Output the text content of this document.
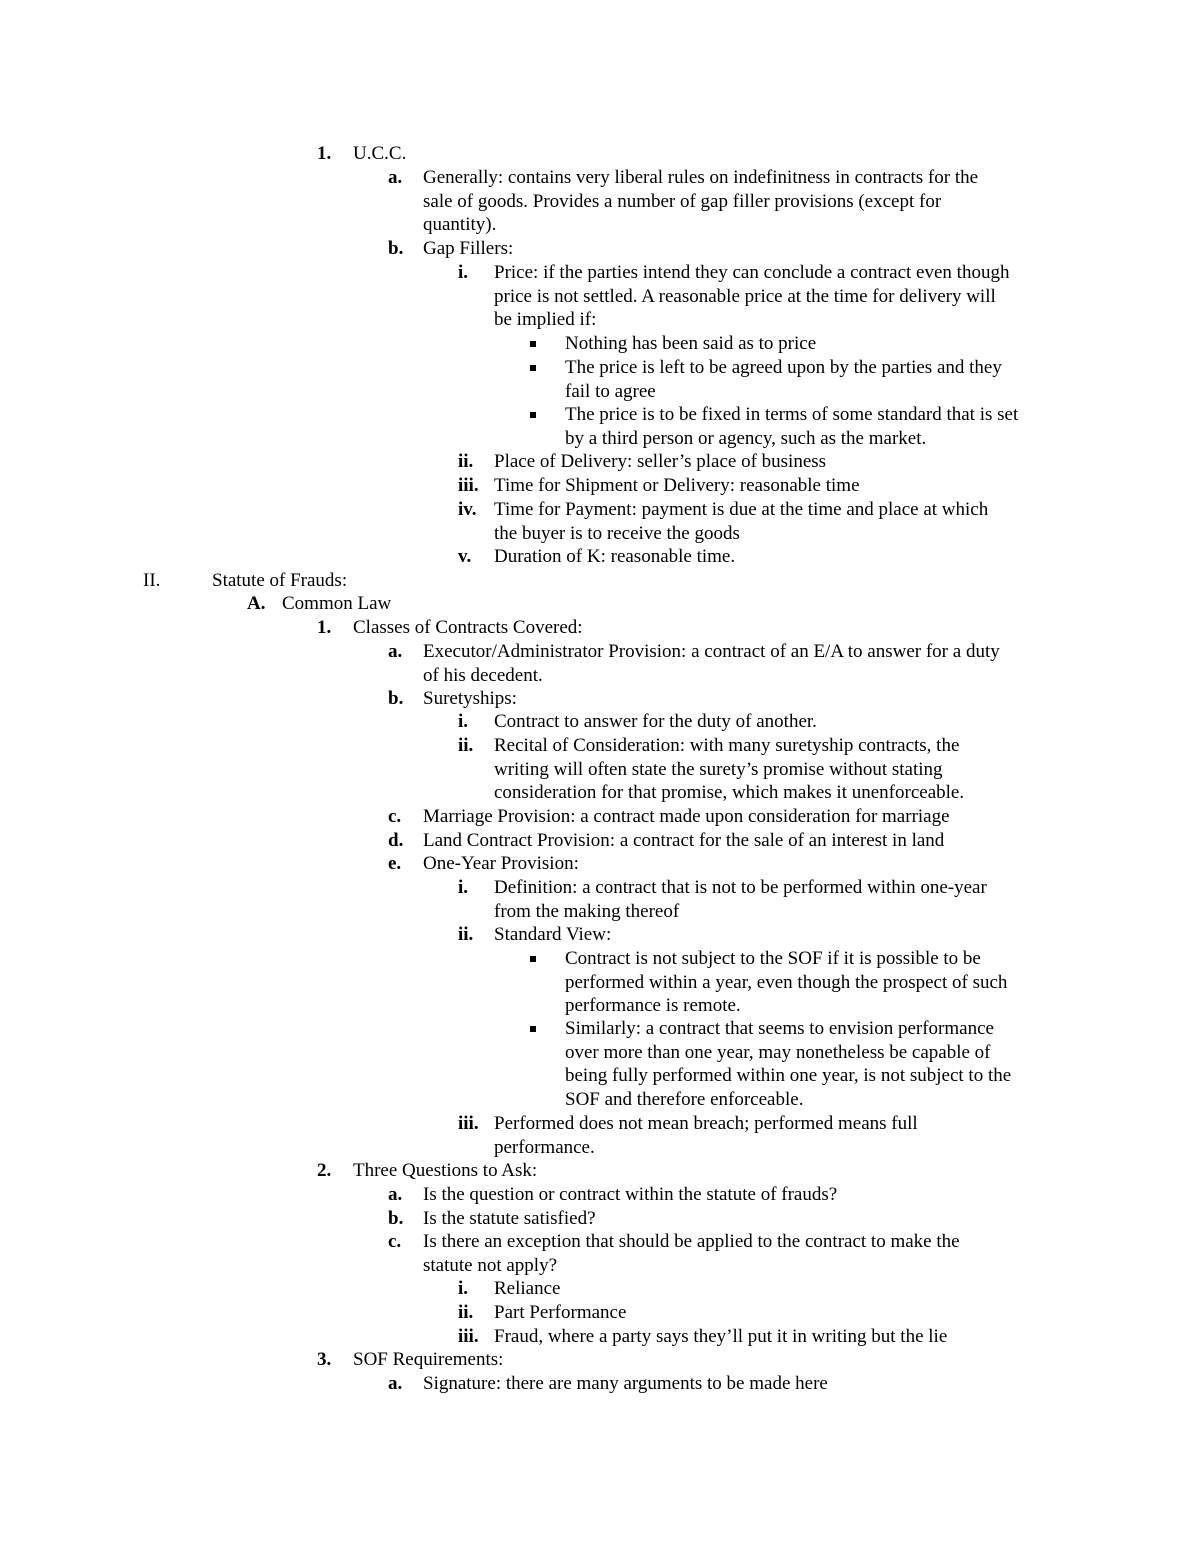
1. U.C.C.
a. Generally: contains very liberal rules on indefinitness in contracts for the
sale of goods. Provides a number of gap filler provisions (except for
quantity).
b. Gap Fillers:
i. Price: if the parties intend they can conclude a contract even though
price is not settled. A reasonable price at the time for delivery will
be implied if:
Nothing has been said as to price
The price is left to be agreed upon by the parties and they
fail to agree
The price is to be fixed in terms of some standard that is set
by a third person or agency, such as the market.
ii. Place of Delivery: seller’s place of business
iii. Time for Shipment or Delivery: reasonable time
iv. Time for Payment: payment is due at the time and place at which
the buyer is to receive the goods
v. Duration of K: reasonable time.
II.	Statute of Frauds:
A. Common Law
1. Classes of Contracts Covered:
a. Executor/Administrator Provision: a contract of an E/A to answer for a duty
of his decedent.
b. Suretyships:
i. Contract to answer for the duty of another.
ii. Recital of Consideration: with many suretyship contracts, the
writing will often state the surety’s promise without stating
consideration for that promise, which makes it unenforceable.
c. Marriage Provision: a contract made upon consideration for marriage
d. Land Contract Provision: a contract for the sale of an interest in land
e. One-Year Provision:
i. Definition: a contract that is not to be performed within one-year
from the making thereof
ii. Standard View:
Contract is not subject to the SOF if it is possible to be
performed within a year, even though the prospect of such
performance is remote.
Similarly: a contract that seems to envision performance
over more than one year, may nonetheless be capable of
being fully performed within one year, is not subject to the
SOF and therefore enforceable.
iii. Performed does not mean breach; performed means full
performance.
2. Three Questions to Ask:
a. Is the question or contract within the statute of frauds?
b. Is the statute satisfied?
c. Is there an exception that should be applied to the contract to make the
statute not apply?
i. Reliance
ii. Part Performance
iii. Fraud, where a party says they’ll put it in writing but the lie
3. SOF Requirements:
a. Signature: there are many arguments to be made here
